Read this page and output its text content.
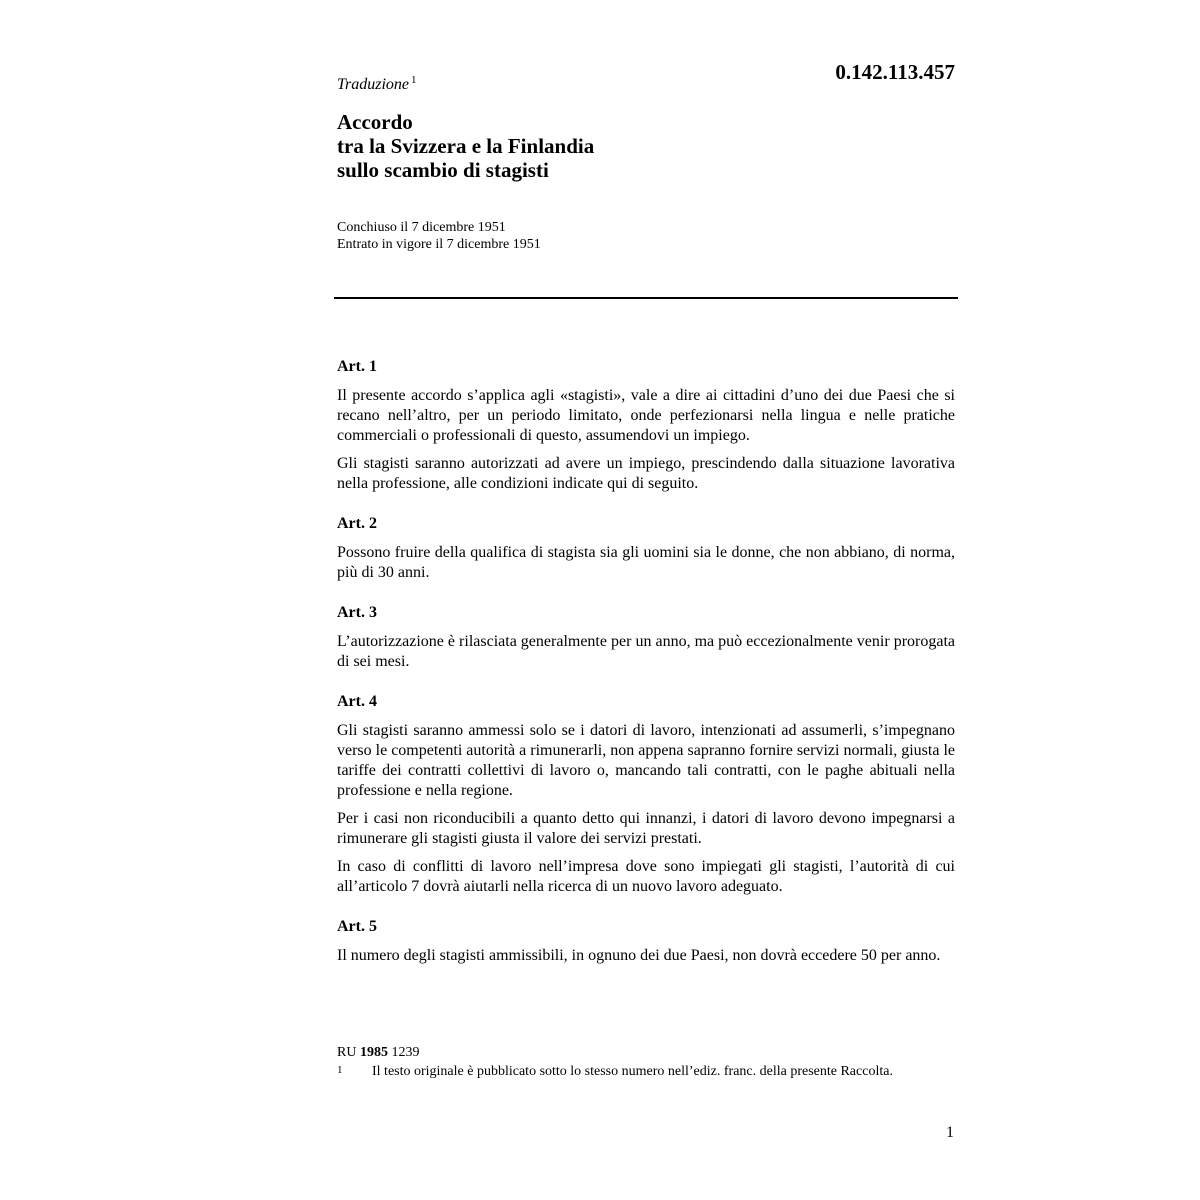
0.142.113.457
Traduzione $^1$
Accordo
tra la Svizzera e la Finlandia
sullo scambio di stagisti
Conchiuso il 7 dicembre 1951
Entrato in vigore il 7 dicembre 1951
Art. 1

Il presente accordo s’applica agli «stagisti», vale a dire ai cittadini d’uno dei due Paesi che si recano nell’altro, per un periodo limitato, onde perfezionarsi nella lingua e nelle pratiche commerciali o professionali di questo, assumendovi un impiego.

Gli stagisti saranno autorizzati ad avere un impiego, prescindendo dalla situazione lavorativa nella professione, alle condizioni indicate qui di seguito.

Art. 2

Possono fruire della qualifica di stagista sia gli uomini sia le donne, che non abbiano, di norma, più di 30 anni.

Art. 3

L’autorizzazione è rilasciata generalmente per un anno, ma può eccezionalmente venir prorogata di sei mesi.

Art. 4

Gli stagisti saranno ammessi solo se i datori di lavoro, intenzionati ad assumerli, s’impegnano verso le competenti autorità a rimunerarli, non appena sapranno fornire servizi normali, giusta le tariffe dei contratti collettivi di lavoro o, mancando tali contratti, con le paghe abituali nella professione e nella regione.

Per i casi non riconducibili a quanto detto qui innanzi, i datori di lavoro devono impegnarsi a rimunerare gli stagisti giusta il valore dei servizi prestati.

In caso di conflitti di lavoro nell’impresa dove sono impiegati gli stagisti, l’autorità di cui all’articolo 7 dovrà aiutarli nella ricerca di un nuovo lavoro adeguato.

Art. 5

Il numero degli stagisti ammissibili, in ognuno dei due Paesi, non dovrà eccedere 50 per anno.

RU 1985 1239
1	Il testo originale è pubblicato sotto lo stesso numero nell’ediz. franc. della presente Raccolta.
1
